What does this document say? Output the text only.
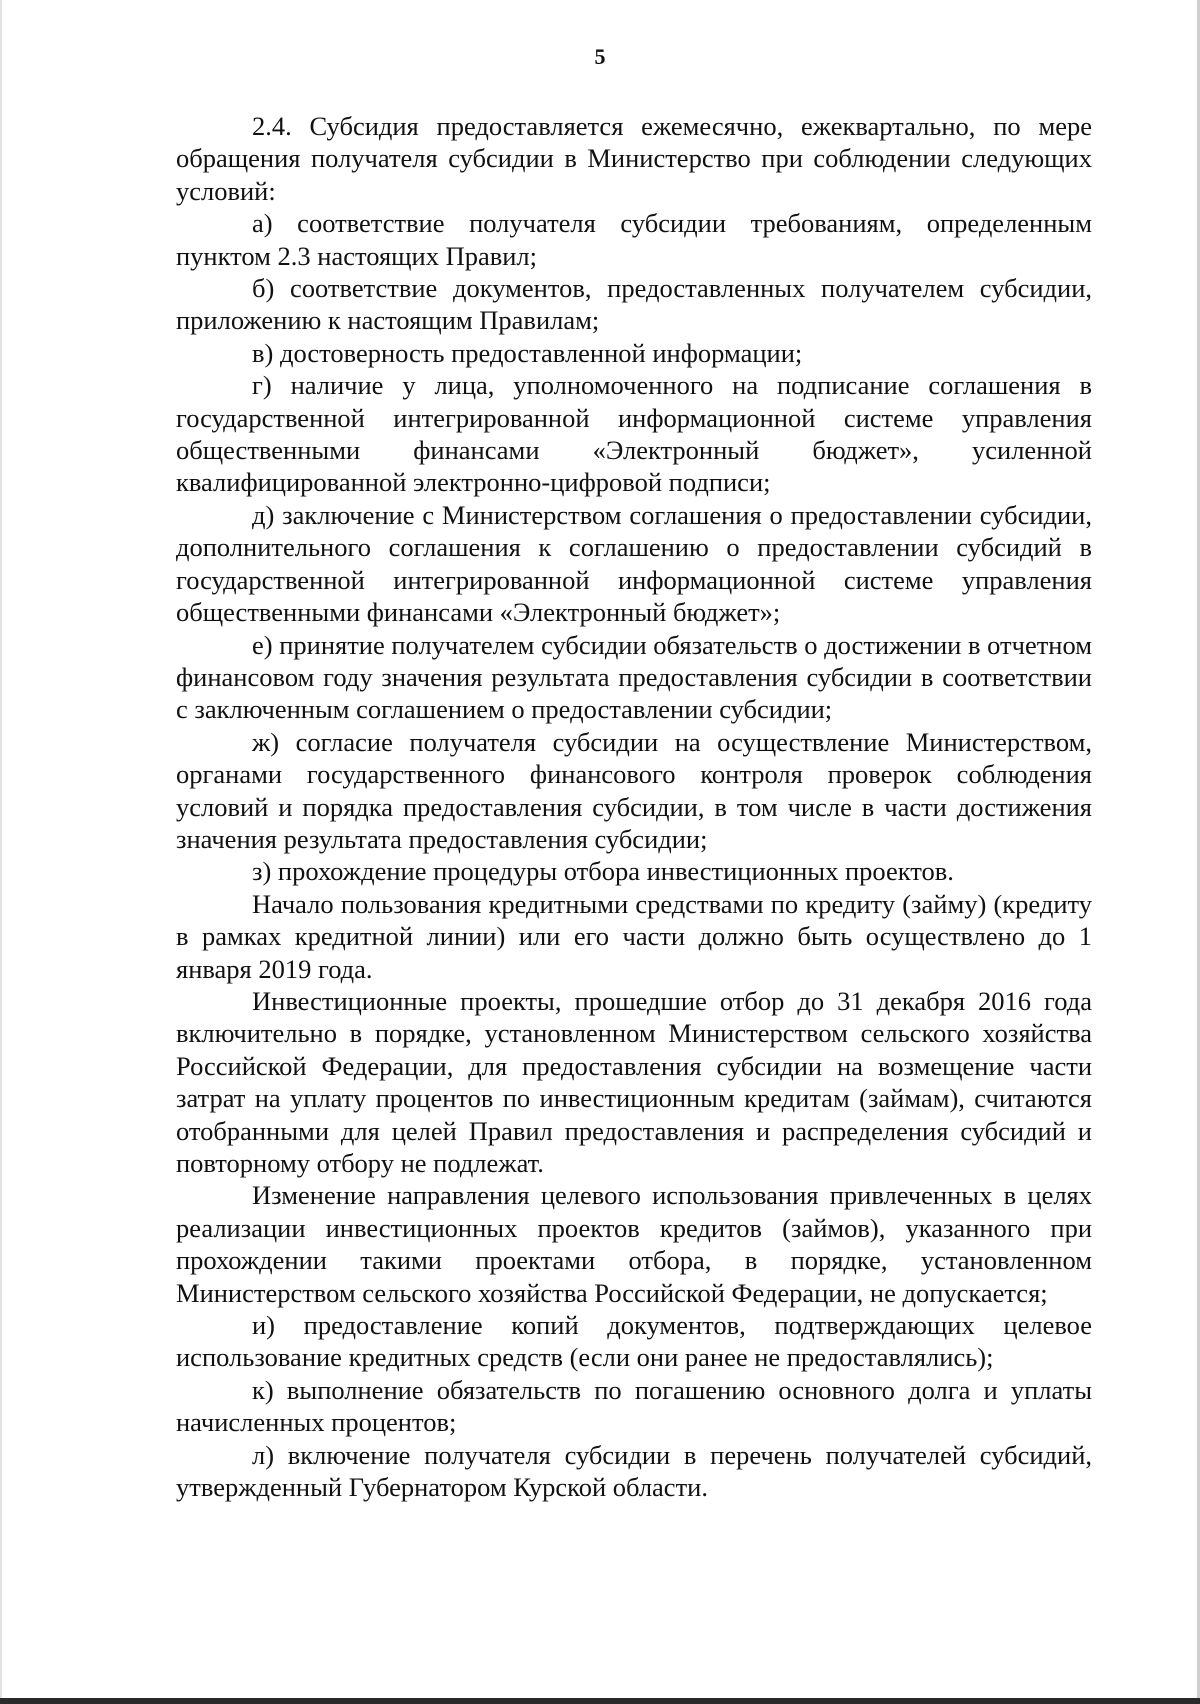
5

2.4. Субсидия предоставляется ежемесячно, ежеквартально, по мере обращения получателя субсидии в Министерство при соблюдении следующих условий:

а) соответствие получателя субсидии требованиям, определенным пунктом 2.3 настоящих Правил;

б) соответствие документов, предоставленных получателем субсидии, приложению к настоящим Правилам;

в) достоверность предоставленной информации;

г) наличие у лица, уполномоченного на подписание соглашения в государственной интегрированной информационной системе управления общественными финансами «Электронный бюджет», усиленной квалифицированной электронно-цифровой подписи;

д) заключение с Министерством соглашения о предоставлении субсидии, дополнительного соглашения к соглашению о предоставлении субсидий в государственной интегрированной информационной системе управления общественными финансами «Электронный бюджет»;

е) принятие получателем субсидии обязательств о достижении в отчетном финансовом году значения результата предоставления субсидии в соответствии с заключенным соглашением о предоставлении субсидии;

ж) согласие получателя субсидии на осуществление Министерством, органами государственного финансового контроля проверок соблюдения условий и порядка предоставления субсидии, в том числе в части достижения значения результата предоставления субсидии;

з) прохождение процедуры отбора инвестиционных проектов.

Начало пользования кредитными средствами по кредиту (займу) (кредиту в рамках кредитной линии) или его части должно быть осуществлено до 1 января 2019 года.

Инвестиционные проекты, прошедшие отбор до 31 декабря 2016 года включительно в порядке, установленном Министерством сельского хозяйства Российской Федерации, для предоставления субсидии на возмещение части затрат на уплату процентов по инвестиционным кредитам (займам), считаются отобранными для целей Правил предоставления и распределения субсидий и повторному отбору не подлежат.

Изменение направления целевого использования привлеченных в целях реализации инвестиционных проектов кредитов (займов), указанного при прохождении такими проектами отбора, в порядке, установленном Министерством сельского хозяйства Российской Федерации, не допускается;

и) предоставление копий документов, подтверждающих целевое использование кредитных средств (если они ранее не предоставлялись);

к) выполнение обязательств по погашению основного долга и уплаты начисленных процентов;

л) включение получателя субсидии в перечень получателей субсидий, утвержденный Губернатором Курской области.
